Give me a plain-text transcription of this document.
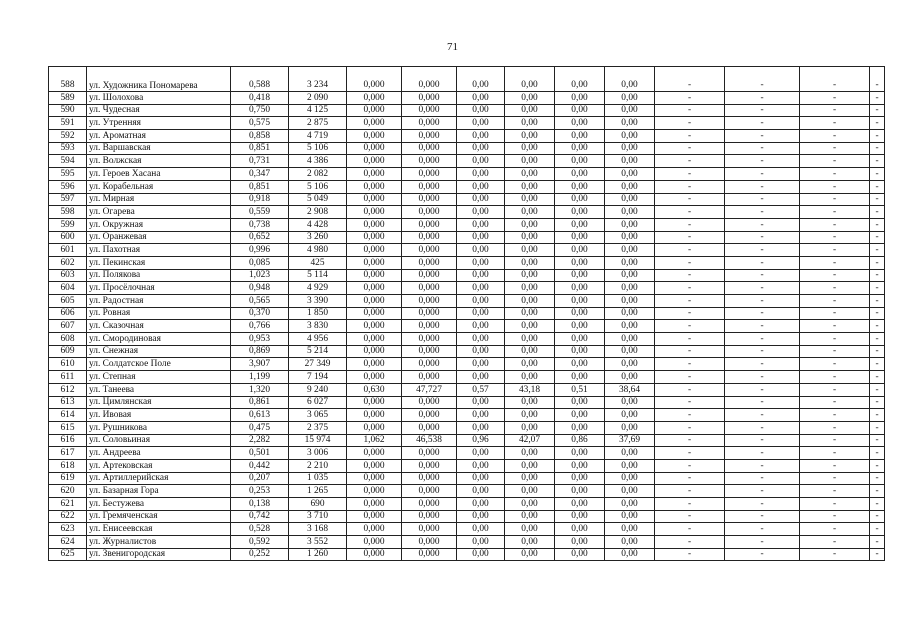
71
588	ул. Художника Пономарева	0,588	3 234	0,000	0,000	0,00	0,00	0,00	0,00	-	-	-	-
589	ул. Шолохова	0,418	2 090	0,000	0,000	0,00	0,00	0,00	0,00	-	-	-	-
590	ул. Чудесная	0,750	4 125	0,000	0,000	0,00	0,00	0,00	0,00	-	-	-	-
591	ул. Утренняя	0,575	2 875	0,000	0,000	0,00	0,00	0,00	0,00	-	-	-	-
592	ул. Ароматная	0,858	4 719	0,000	0,000	0,00	0,00	0,00	0,00	-	-	-	-
593	ул. Варшавская	0,851	5 106	0,000	0,000	0,00	0,00	0,00	0,00	-	-	-	-
594	ул. Волжская	0,731	4 386	0,000	0,000	0,00	0,00	0,00	0,00	-	-	-	-
595	ул. Героев Хасана	0,347	2 082	0,000	0,000	0,00	0,00	0,00	0,00	-	-	-	-
596	ул. Корабельная	0,851	5 106	0,000	0,000	0,00	0,00	0,00	0,00	-	-	-	-
597	ул. Мирная	0,918	5 049	0,000	0,000	0,00	0,00	0,00	0,00	-	-	-	-
598	ул. Огарева	0,559	2 908	0,000	0,000	0,00	0,00	0,00	0,00	-	-	-	-
599	ул. Окружная	0,738	4 428	0,000	0,000	0,00	0,00	0,00	0,00	-	-	-	-
600	ул. Оранжевая	0,652	3 260	0,000	0,000	0,00	0,00	0,00	0,00	-	-	-	-
601	ул. Пахотная	0,996	4 980	0,000	0,000	0,00	0,00	0,00	0,00	-	-	-	-
602	ул. Пекинская	0,085	425	0,000	0,000	0,00	0,00	0,00	0,00	-	-	-	-
603	ул. Полякова	1,023	5 114	0,000	0,000	0,00	0,00	0,00	0,00	-	-	-	-
604	ул. Просёлочная	0,948	4 929	0,000	0,000	0,00	0,00	0,00	0,00	-	-	-	-
605	ул. Радостная	0,565	3 390	0,000	0,000	0,00	0,00	0,00	0,00	-	-	-	-
606	ул. Ровная	0,370	1 850	0,000	0,000	0,00	0,00	0,00	0,00	-	-	-	-
607	ул. Сказочная	0,766	3 830	0,000	0,000	0,00	0,00	0,00	0,00	-	-	-	-
608	ул. Смородиновая	0,953	4 956	0,000	0,000	0,00	0,00	0,00	0,00	-	-	-	-
609	ул. Снежная	0,869	5 214	0,000	0,000	0,00	0,00	0,00	0,00	-	-	-	-
610	ул. Солдатское Поле	3,907	27 349	0,000	0,000	0,00	0,00	0,00	0,00	-	-	-	-
611	ул. Степная	1,199	7 194	0,000	0,000	0,00	0,00	0,00	0,00	-	-	-	-
612	ул. Танеева	1,320	9 240	0,630	47,727	0,57	43,18	0,51	38,64	-	-	-	-
613	ул. Цимлянская	0,861	6 027	0,000	0,000	0,00	0,00	0,00	0,00	-	-	-	-
614	ул. Ивовая	0,613	3 065	0,000	0,000	0,00	0,00	0,00	0,00	-	-	-	-
615	ул. Рушникова	0,475	2 375	0,000	0,000	0,00	0,00	0,00	0,00	-	-	-	-
616	ул. Соловьиная	2,282	15 974	1,062	46,538	0,96	42,07	0,86	37,69	-	-	-	-
617	ул. Андреева	0,501	3 006	0,000	0,000	0,00	0,00	0,00	0,00	-	-	-	-
618	ул. Артековская	0,442	2 210	0,000	0,000	0,00	0,00	0,00	0,00	-	-	-	-
619	ул. Артиллерийская	0,207	1 035	0,000	0,000	0,00	0,00	0,00	0,00	-	-	-	-
620	ул. Базарная Гора	0,253	1 265	0,000	0,000	0,00	0,00	0,00	0,00	-	-	-	-
621	ул. Бестужева	0,138	690	0,000	0,000	0,00	0,00	0,00	0,00	-	-	-	-
622	ул. Гремяченская	0,742	3 710	0,000	0,000	0,00	0,00	0,00	0,00	-	-	-	-
623	ул. Енисеевская	0,528	3 168	0,000	0,000	0,00	0,00	0,00	0,00	-	-	-	-
624	ул. Журналистов	0,592	3 552	0,000	0,000	0,00	0,00	0,00	0,00	-	-	-	-
625	ул. Звенигородская	0,252	1 260	0,000	0,000	0,00	0,00	0,00	0,00	-	-	-	-
